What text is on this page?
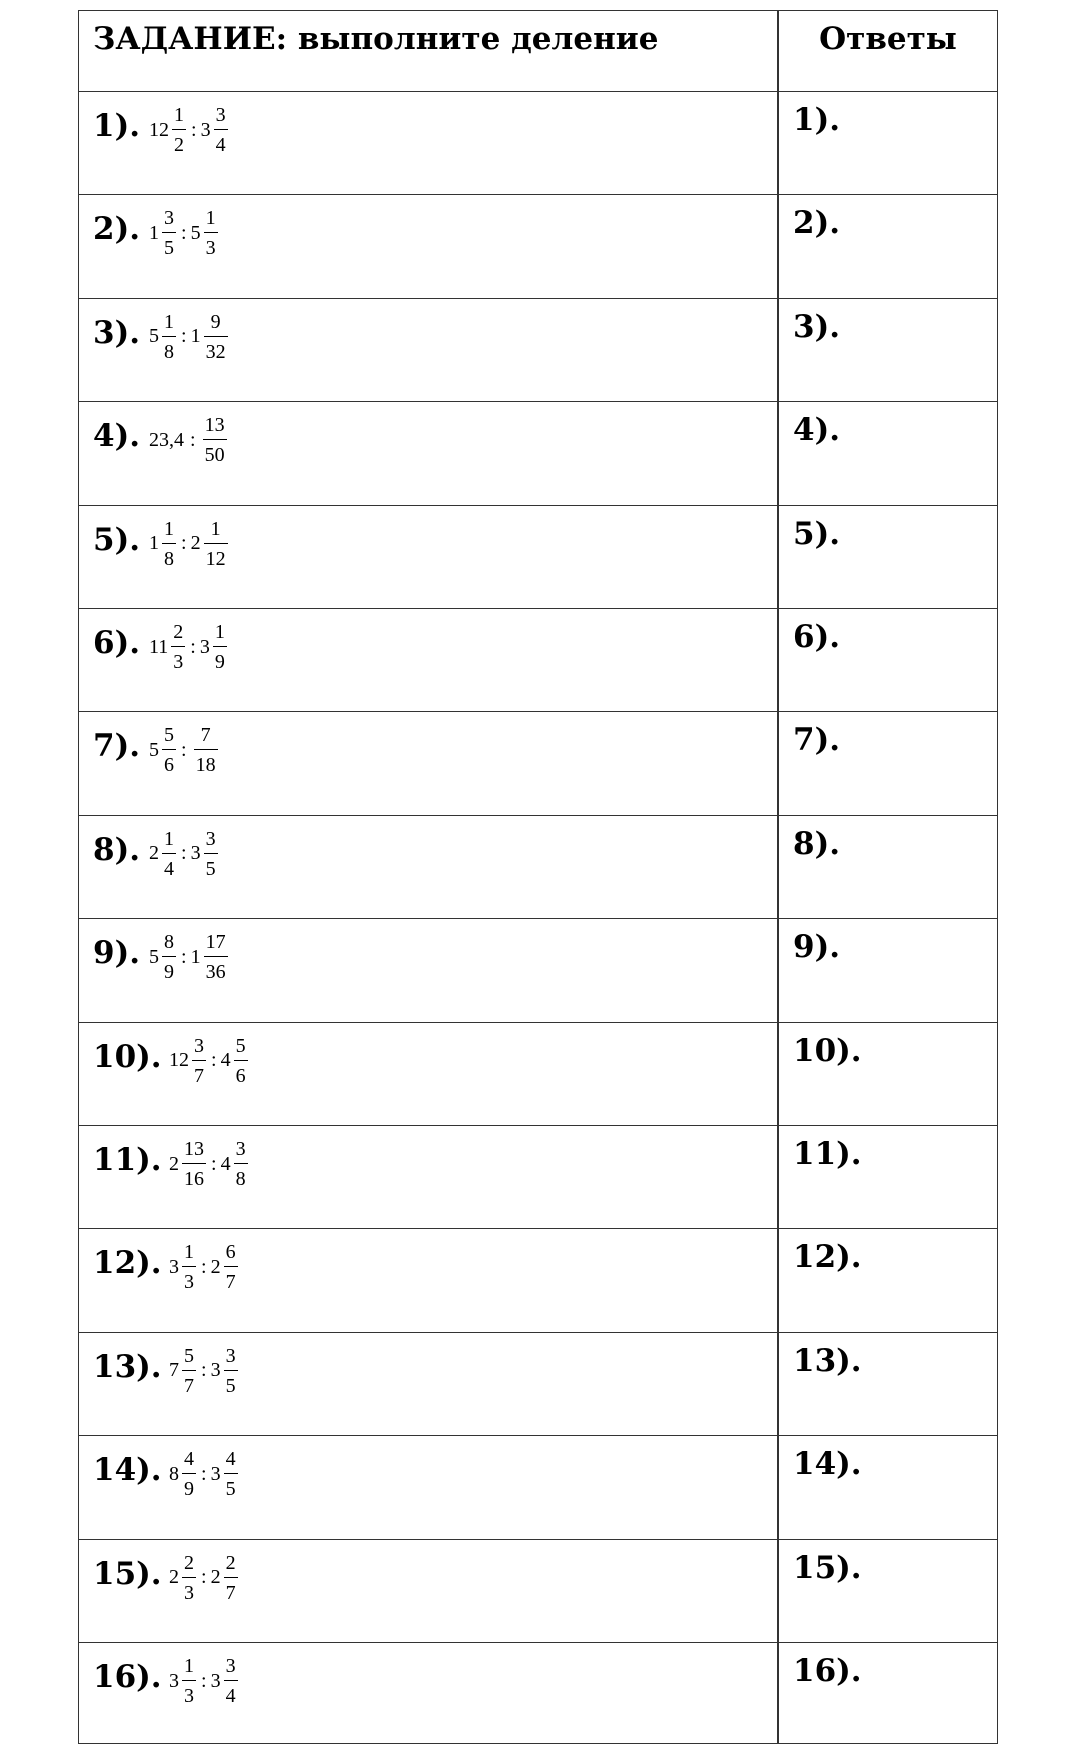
ЗАДАНИЕ: выполните деление	Ответы
1). $12 \frac{1}{2}$ : $3 \frac{3}{4}$	1).
2). $1 \frac{3}{5}$ : $5 \frac{1}{3}$	2).
3). $5 \frac{1}{8}$ : $1 \frac{9}{32}$	3).
4). 23,4 : $\frac{13}{50}$	4).
5). $1 \frac{1}{8}$ : $2 \frac{1}{12}$	5).
6). $11 \frac{2}{3}$ : $3 \frac{1}{9}$	6).
7). $5 \frac{5}{6}$ : $\frac{7}{18}$	7).
8). $2 \frac{1}{4}$ : $3 \frac{3}{5}$	8).
9). $5 \frac{8}{9}$ : $1 \frac{17}{36}$	9).
10). $12 \frac{3}{7}$ : $4 \frac{5}{6}$	10).
11). $2 \frac{13}{16}$ : $4 \frac{3}{8}$	11).
12). $3 \frac{1}{3}$ : $2 \frac{6}{7}$	12).
13). $7 \frac{5}{7}$ : $3 \frac{3}{5}$	13).
14). $8 \frac{4}{9}$ : $3 \frac{4}{5}$	14).
15). $2 \frac{2}{3}$ : $2 \frac{2}{7}$	15).
16). $3 \frac{1}{3}$ : $3 \frac{3}{4}$	16).
